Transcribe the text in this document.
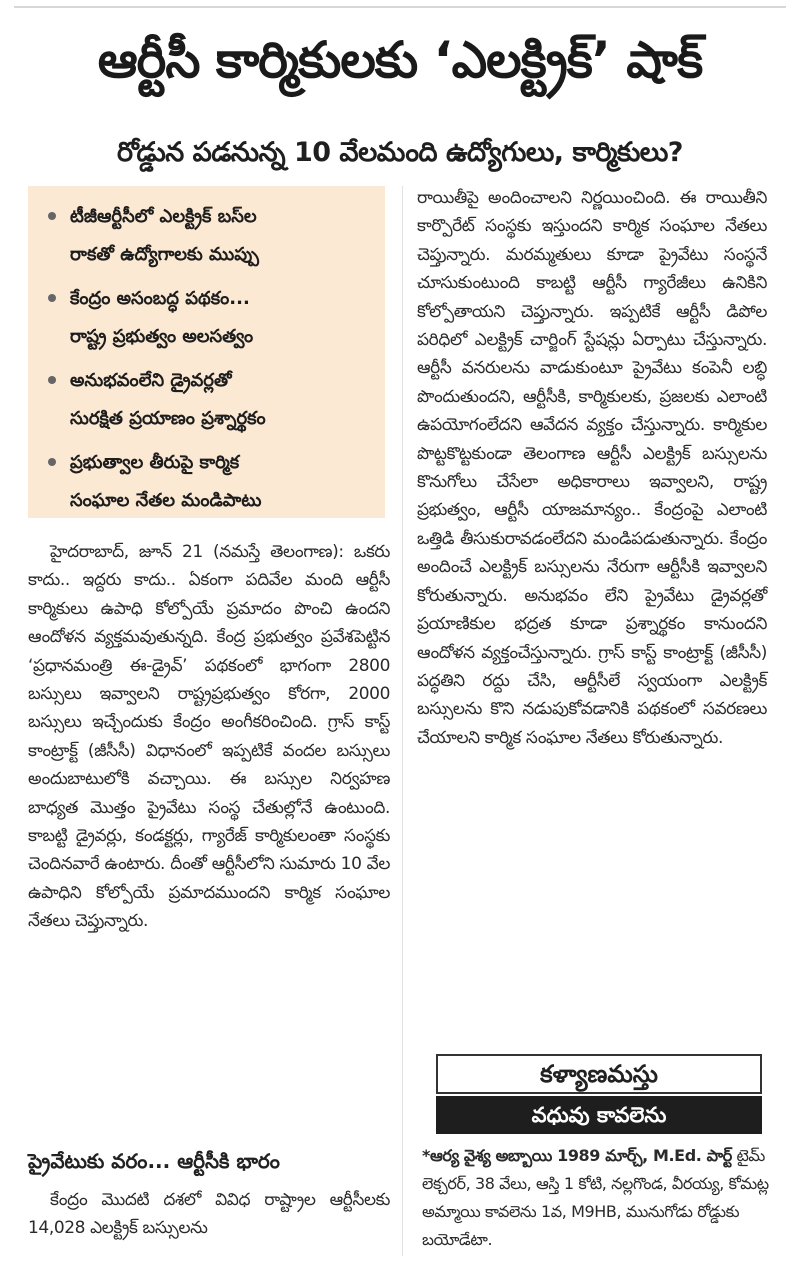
ఆర్టీసీ కార్మికులకు ‘ఎలక్ట్రిక్’ షాక్
రోడ్డున పడనున్న 10 వేలమంది ఉద్యోగులు, కార్మికులు?
టీజీఆర్టీసీలో ఎలక్ట్రిక్ బస్‌ల
రాకతో ఉద్యోగాలకు ముప్పు
కేంద్రం అసంబద్ధ పథకం...
రాష్ట్ర ప్రభుత్వం అలసత్వం
అనుభవంలేని డ్రైవర్లతో
సురక్షిత ప్రయాణం ప్రశ్నార్థకం
ప్రభుత్వాల తీరుపై కార్మిక
సంఘాల నేతల మండిపాటు

హైదరాబాద్, జూన్ 21 (నమస్తే తెలంగాణ): ఒకరు కాదు.. ఇద్దరు కాదు.. ఏకంగా పదివేల మంది ఆర్టీసీ కార్మికులు ఉపాధి కోల్పోయే ప్రమాదం పొంచి ఉందని ఆందోళన వ్యక్తమవుతున్నది. కేంద్ర ప్రభుత్వం ప్రవేశపెట్టిన ‘ప్రధానమంత్రి ఈ-డ్రైవ్’ పథకంలో భాగంగా 2800 బస్సులు ఇవ్వాలని రాష్ట్రప్రభుత్వం కోరగా, 2000 బస్సులు ఇచ్చేందుకు కేంద్రం అంగీకరించింది. గ్రాస్ కాస్ట్ కాంట్రాక్ట్ (జీసీసీ) విధానంలో ఇప్పటికే వందల బస్సులు అందుబాటులోకి వచ్చాయి. ఈ బస్సుల నిర్వహణ బాధ్యత మొత్తం ప్రైవేటు సంస్థ చేతుల్లోనే ఉంటుంది. కాబట్టి డ్రైవర్లు, కండక్టర్లు, గ్యారేజ్ కార్మికులంతా సంస్థకు చెందినవారే ఉంటారు. దీంతో ఆర్టీసీలోని సుమారు 10 వేల ఉపాధిని కోల్పోయే ప్రమాదముందని కార్మిక సంఘాల నేతలు చెప్తున్నారు.

ప్రైవేటుకు వరం... ఆర్టీసీకి భారం

కేంద్రం మొదటి దశలో వివిధ రాష్ట్రాల ఆర్టీసీలకు 14,028 ఎలక్ట్రిక్ బస్సులను

రాయితీపై అందించాలని నిర్ణయించింది. ఈ రాయితీని కార్పొరేట్ సంస్థకు ఇస్తుందని కార్మిక సంఘాల నేతలు చెప్తున్నారు. మరమ్మతులు కూడా ప్రైవేటు సంస్థనే చూసుకుంటుంది కాబట్టి ఆర్టీసీ గ్యారేజీలు ఉనికిని కోల్పోతాయని చెప్తున్నారు. ఇప్పటికే ఆర్టీసీ డిపోల పరిధిలో ఎలక్ట్రిక్ చార్జింగ్ స్టేషన్లు ఏర్పాటు చేస్తున్నారు. ఆర్టీసీ వనరులను వాడుకుంటూ ప్రైవేటు కంపెనీ లబ్ధి పొందుతుందని, ఆర్టీసీకి, కార్మికులకు, ప్రజలకు ఎలాంటి ఉపయోగంలేదని ఆవేదన వ్యక్తం చేస్తున్నారు. కార్మికుల పొట్టకొట్టకుండా తెలంగాణ ఆర్టీసీ ఎలక్ట్రిక్ బస్సులను కొనుగోలు చేసేలా అధికారాలు ఇవ్వాలని, రాష్ట్ర ప్రభుత్వం, ఆర్టీసీ యాజమాన్యం.. కేంద్రంపై ఎలాంటి ఒత్తిడి తీసుకురావడంలేదని మండిపడుతున్నారు. కేంద్రం అందించే ఎలక్ట్రిక్ బస్సులను నేరుగా ఆర్టీసీకి ఇవ్వాలని కోరుతున్నారు. అనుభవం లేని ప్రైవేటు డ్రైవర్లతో ప్రయాణికుల భద్రత కూడా ప్రశ్నార్థకం కానుందని ఆందోళన వ్యక్తంచేస్తున్నారు. గ్రాస్ కాస్ట్ కాంట్రాక్ట్ (జీసీసీ) పద్ధతిని రద్దు చేసి, ఆర్టీసీలే స్వయంగా ఎలక్ట్రిక్ బస్సులను కొని నడుపుకోవడానికి పథకంలో సవరణలు చేయాలని కార్మిక సంఘాల నేతలు కోరుతున్నారు.

కళ్యాణమస్తు
వధువు కావలెను
*ఆర్య వైశ్య అబ్బాయి 1989 మార్చ్, M.Ed. పార్ట్ టైమ్ లెక్చరర్, 38 వేలు, ఆస్తి 1 కోటి, నల్లగొండ, వీరయ్య, కోమట్ల అమ్మాయి కావలెను 1వ, M9HB, మునుగోడు రోడ్డుకు బయోడేటా.
